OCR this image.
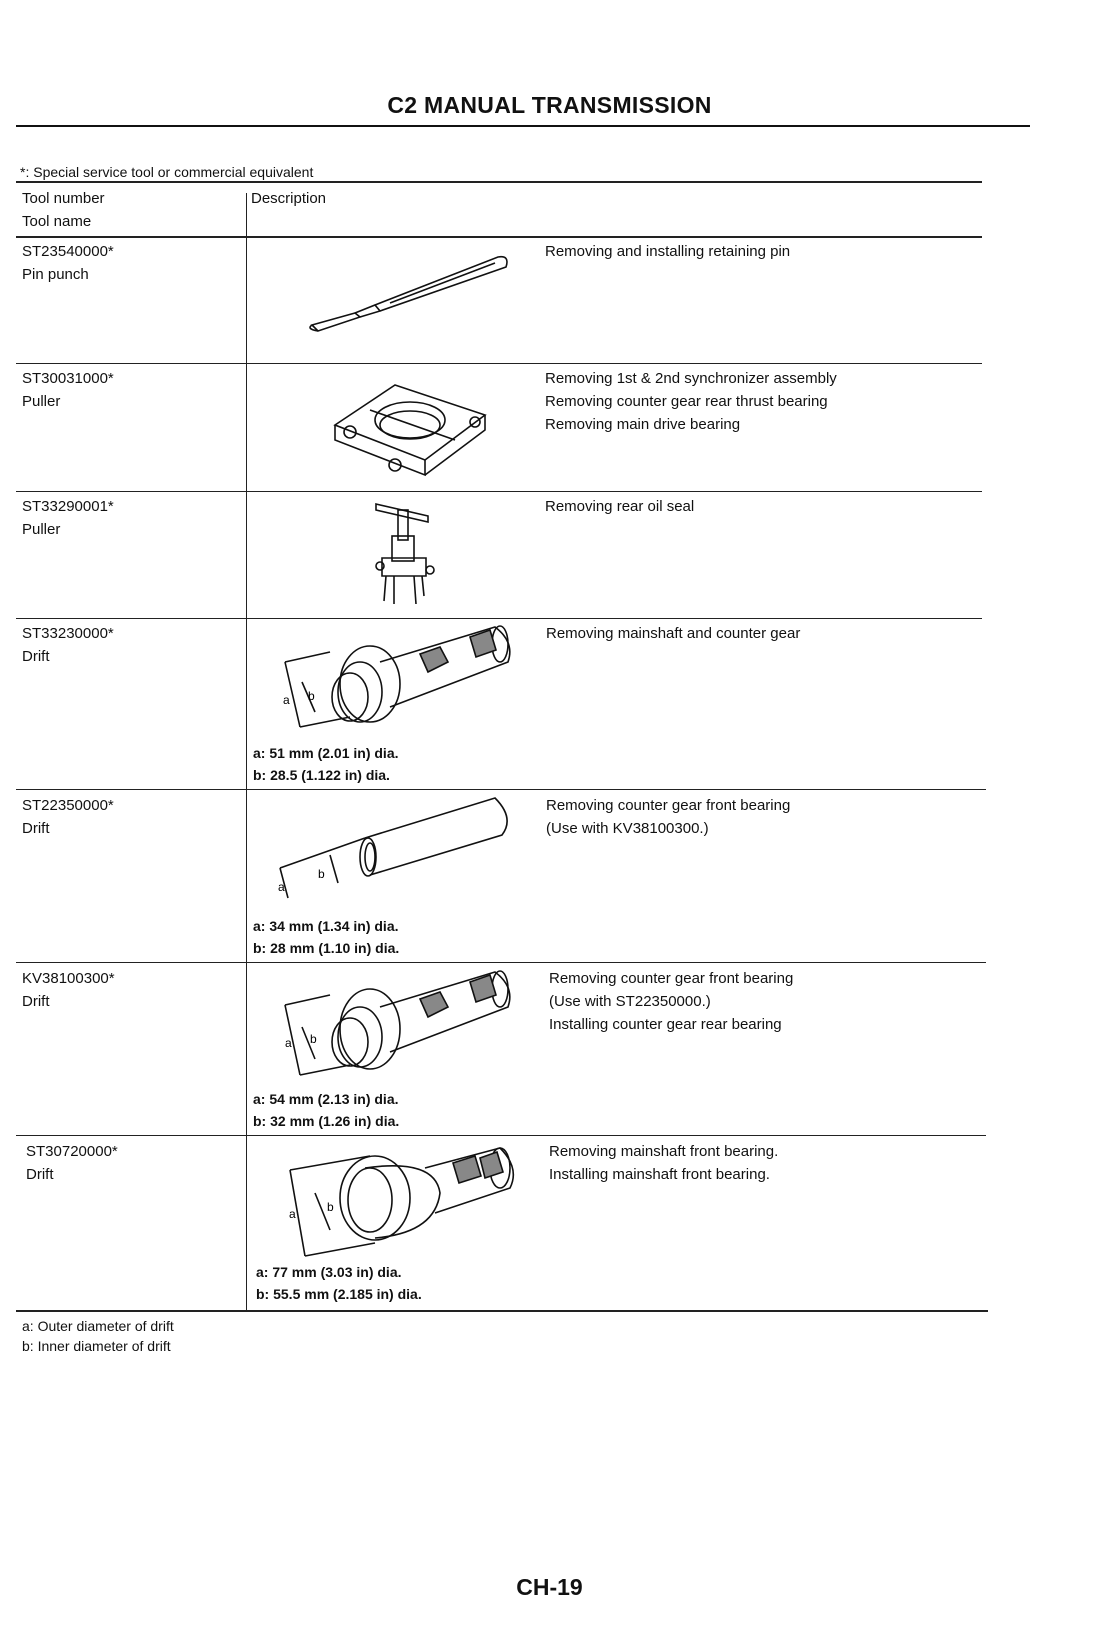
C2 MANUAL TRANSMISSION
*: Special service tool or commercial equivalent
Tool number
Tool name
Description
ST23540000*
Pin punch
Removing and installing retaining pin
ST30031000*
Puller
Removing 1st & 2nd synchronizer assembly
Removing counter gear rear thrust bearing
Removing main drive bearing
ST33290001*
Puller
Removing rear oil seal
ST33230000*
Drift
a b
a: 51 mm (2.01 in) dia.
b: 28.5 (1.122 in) dia.
Removing mainshaft and counter gear
ST22350000*
Drift
a
b
a: 34 mm (1.34 in) dia.
b: 28 mm (1.10 in) dia.
Removing counter gear front bearing
(Use with KV38100300.)
KV38100300*
Drift
a b
a: 54 mm (2.13 in) dia.
b: 32 mm (1.26 in) dia.
Removing counter gear front bearing
(Use with ST22350000.)
Installing counter gear rear bearing
ST30720000*
Drift
a	b
a: 77 mm (3.03 in) dia.
b: 55.5 mm (2.185 in) dia.
Removing mainshaft front bearing.
Installing mainshaft front bearing.
a: Outer diameter of drift
b: Inner diameter of drift
CH-19
